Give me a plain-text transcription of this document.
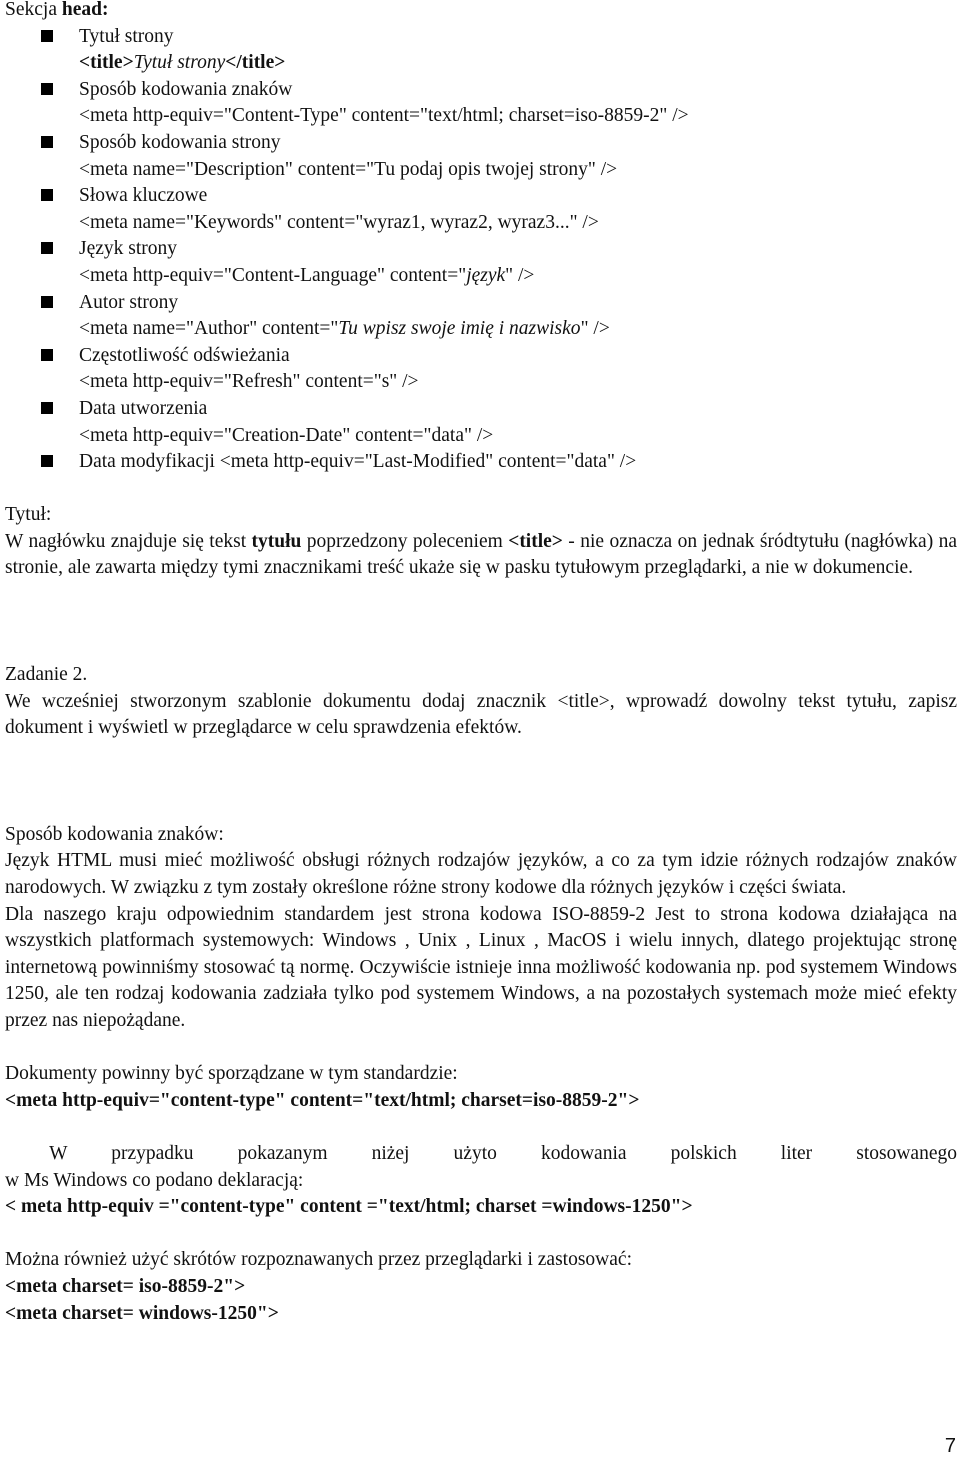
Sekcja head:

Tytuł strony
<title>Tytuł strony</title>
Sposób kodowania znaków
<meta http-equiv="Content-Type" content="text/html; charset=iso-8859-2" />
Sposób kodowania strony
<meta name="Description" content="Tu podaj opis twojej strony" />
Słowa kluczowe
<meta name="Keywords" content="wyraz1, wyraz2, wyraz3..." />
Język strony
<meta http-equiv="Content-Language" content="język" />
Autor strony
<meta name="Author" content="Tu wpisz swoje imię i nazwisko" />
Częstotliwość odświeżania
<meta http-equiv="Refresh" content="s" />
Data utworzenia
<meta http-equiv="Creation-Date" content="data" />
Data modyfikacji <meta http-equiv="Last-Modified" content="data" />

Tytuł:

W nagłówku znajduje się tekst tytułu poprzedzony poleceniem <title> - nie oznacza on jednak śródtytułu (nagłówka) na stronie, ale zawarta między tymi znacznikami treść ukaże się w pasku tytułowym przeglądarki, a nie w dokumencie.

Zadanie 2.

We wcześniej stworzonym szablonie dokumentu dodaj znacznik <title>, wprowadź dowolny tekst tytułu, zapisz dokument i wyświetl w przeglądarce w celu sprawdzenia efektów.

Sposób kodowania znaków:

Język HTML musi mieć możliwość obsługi różnych rodzajów języków, a co za tym idzie różnych rodzajów znaków narodowych. W związku z tym zostały określone różne strony kodowe dla różnych języków i części świata.

Dla naszego kraju odpowiednim standardem jest strona kodowa ISO-8859-2 Jest to strona kodowa działająca na wszystkich platformach systemowych: Windows , Unix , Linux , MacOS i wielu innych, dlatego projektując stronę internetową powinniśmy stosować tą normę. Oczywiście istnieje inna możliwość kodowania np. pod systemem Windows 1250, ale ten rodzaj kodowania zadziała tylko pod systemem Windows, a na pozostałych systemach może mieć efekty przez nas niepożądane.

Dokumenty powinny być sporządzane w tym standardzie:

<meta http-equiv="content-type" content="text/html; charset=iso-8859-2">

W przypadku pokazanym niżej użyto kodowania polskich liter stosowanego

w Ms Windows co podano deklaracją:

< meta http-equiv ="content-type" content ="text/html; charset =windows-1250">

Można również użyć skrótów rozpoznawanych przez przeglądarki i zastosować:

<meta charset= iso-8859-2">

<meta charset= windows-1250">

7
